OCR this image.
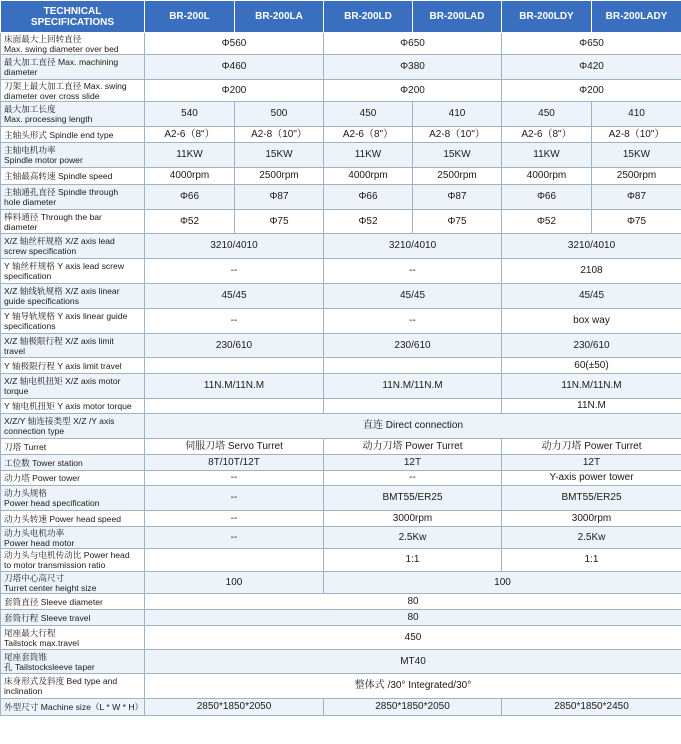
TECHNICAL
SPECIFICATIONS	BR-200L	BR-200LA	BR-200LD	BR-200LAD	BR-200LDY	BR-200LADY
床面最大上回转直径
Max. swing diameter over bed	Φ560		Φ650		Φ650	
最大加工直径 Max. machining
diameter	Φ460		Φ380		Φ420	
刀架上最大加工直径 Max. swing
diameter over cross slide	Φ200		Φ200		Φ200	
最大加工长度
Max. processing length	540	500	450	410	450	410
主轴头形式 Spindle end type	A2-6（8"）	A2-8（10"）	A2-6（8"）	A2-8（10"）	A2-6（8"）	A2-8（10"）
主轴电机功率
Spindle motor power	11KW	15KW	11KW	15KW	11KW	15KW
主轴最高转速 Spindle speed	4000rpm	2500rpm	4000rpm	2500rpm	4000rpm	2500rpm
主轴通孔直径 Spindle through
hole diameter	Φ66	Φ87	Φ66	Φ87	Φ66	Φ87
棒料通径 Through the bar
diameter	Φ52	Φ75	Φ52	Φ75	Φ52	Φ75
X/Z 轴丝杆规格 X/Z axis lead
screw specification	3210/4010		3210/4010		3210/4010	
Y 轴丝杆规格 Y axis lead screw
specification	--		--		2108	
X/Z 轴线轨规格 X/Z axis linear
guide specifications	45/45		45/45		45/45	
Y 轴导轨规格 Y axis linear guide
specifications	--		--		box way	
X/Z 轴极限行程 X/Z axis limit
travel	230/610		230/610		230/610	
Y 轴极限行程 Y axis limit travel					60(±50)	
X/Z 轴电机扭矩 X/Z axis motor
torque	11N.M/11N.M		11N.M/11N.M		11N.M/11N.M	
Y 轴电机扭矩 Y axis motor torque					11N.M	
X/Z/Y 轴连接类型 X/Z /Y axis
connection type	直连 Direct connection					
刀塔 Turret	伺服刀塔 Servo Turret		动力刀塔 Power Turret		动力刀塔 Power Turret	
工位数 Tower station	8T/10T/12T		12T		12T	
动力塔 Power tower	--		--		Y-axis power tower	
动力头规格
Power head specification	--		BMT55/ER25		BMT55/ER25	
动力头转速 Power head speed	--		3000rpm		3000rpm	
动力头电机功率
Power head motor	--		2.5Kw		2.5Kw	
动力头与电机传动比 Power head
to motor transmission ratio			1:1		1:1	
刀塔中心高尺寸
Turret center height size	100		100			
套筒直径 Sleeve diameter	80					
套筒行程 Sleeve travel	80					
尾座最大行程
Tailstock max.travel	450					
尾座套筒锥
孔 Tailstocksleeve taper	MT40					
床身形式及斜度 Bed type and
inclination	整体式 /30° Integrated/30°					
外型尺寸 Machine size（L * W * H）	2850*1850*2050		2850*1850*2050		2850*1850*2450	
